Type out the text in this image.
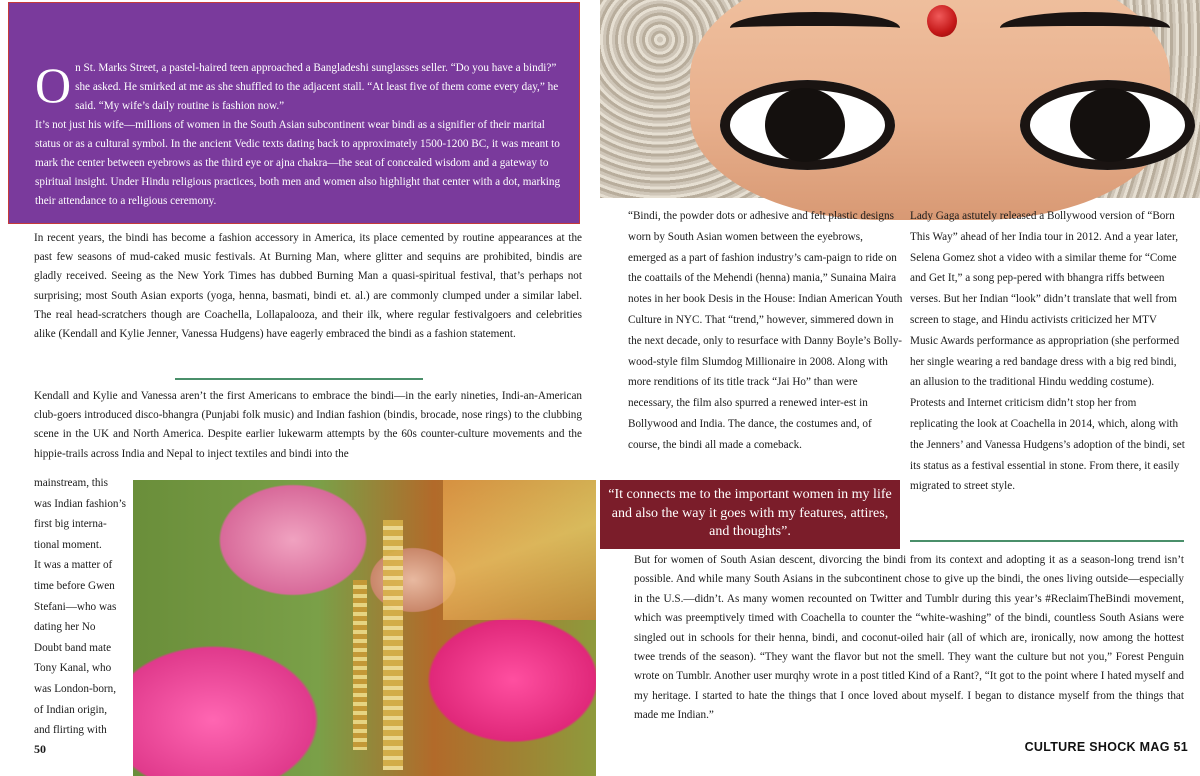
On St. Marks Street, a pastel-haired teen approached a Bangladeshi sunglasses seller. “Do you have a bindi?” she asked. He smirked at me as she shuffled to the adjacent stall. “At least five of them come every day,” he said. “My wife’s daily routine is fashion now.”

It’s not just his wife—millions of women in the South Asian subcontinent wear bindi as a signifier of their marital status or as a cultural symbol. In the ancient Vedic texts dating back to approximately 1500-1200 BC, it was meant to mark the center between eyebrows as the third eye or ajna chakra—the seat of concealed wisdom and a gateway to spiritual insight. Under Hindu religious practices, both men and women also highlight that center with a dot, marking their attendance to a religious ceremony.

In recent years, the bindi has become a fashion accessory in America, its place cemented by routine appearances at the past few seasons of mud-caked music festivals. At Burning Man, where glitter and sequins are prohibited, bindis are gladly received. Seeing as the New York Times has dubbed Burning Man a quasi-spiritual festival, that’s perhaps not surprising; most South Asian exports (yoga, henna, basmati, bindi et. al.) are commonly clumped under a similar label. The real head-scratchers though are Coachella, Lollapalooza, and their ilk, where regular festivalgoers and celebrities alike (Kendall and Kylie Jenner, Vanessa Hudgens) have eagerly embraced the bindi as a fashion statement.

Kendall and Kylie and Vanessa aren’t the first Americans to embrace the bindi—in the early nineties, Indi-an-American club-goers introduced disco-bhangra (Punjabi folk music) and Indian fashion (bindis, brocade, nose rings) to the clubbing scene in the UK and North America. Despite earlier lukewarm attempts by the 60s counter-culture movements and the hippie-trails across India and Nepal to inject textiles and bindi into the

mainstream, this
was Indian fashion’s
first big interna-
tional moment.
It was a matter of
time before Gwen
Stefani—who was
dating her No
Doubt band mate
Tony Kanal, who
was London-born,
of Indian origin,
and flirting with
50

“Bindi, the powder dots or adhesive and felt plastic designs worn by South Asian women between the eyebrows, emerged as a part of fashion industry’s cam-paign to ride on the coattails of the Mehendi (henna) mania,” Sunaina Maira notes in her book Desis in the House: Indian American Youth Culture in NYC. That “trend,” however, simmered down in the next decade, only to resurface with Danny Boyle’s Bolly-wood-style film Slumdog Millionaire in 2008. Along with more renditions of its title track “Jai Ho” than were necessary, the film also spurred a renewed inter-est in Bollywood and India. The dance, the costumes and, of course, the bindi all made a comeback.

Lady Gaga astutely released a Bollywood version of “Born This Way” ahead of her India tour in 2012. And a year later, Selena Gomez shot a video with a similar theme for “Come and Get It,” a song pep-pered with bhangra riffs between verses. But her Indian “look” didn’t translate that well from screen to stage, and Hindu activists criticized her MTV Music Awards performance as appropriation (she performed her single wearing a red bandage dress with a big red bindi, an allusion to the traditional Hindu wedding costume). Protests and Internet criticism didn’t stop her from replicating the look at Coachella in 2014, which, along with the Jenners’ and Vanessa Hudgens’s adoption of the bindi, set its status as a festival essential in stone. From there, it easily migrated to street style.

“It connects me to the important women in my life and also the way it goes with my features, attires, and thoughts”.

But for women of South Asian descent, divorcing the bindi from its context and adopting it as a season-long trend isn’t possible. And while many South Asians in the subcontinent chose to give up the bindi, the ones living outside—especially in the U.S.—didn’t. As many women recounted on Twitter and Tumblr during this year’s #ReclaimTheBindi movement, which was preemptively timed with Coachella to counter the “white-washing” of the bindi, countless South Asians were singled out in schools for their henna, bindi, and coconut-oiled hair (all of which are, ironically, now among the hottest twee trends of the season). “They want the flavor but not the smell. They want the culture but not you,” Forest Penguin wrote on Tumblr. Another user murqhy wrote in a post titled Kind of a Rant?, “It got to the point where I hated myself and my heritage. I started to hate the things that I once loved about myself. I began to distance myself from the things that made me Indian.”

CULTURE SHOCK MAG 51
